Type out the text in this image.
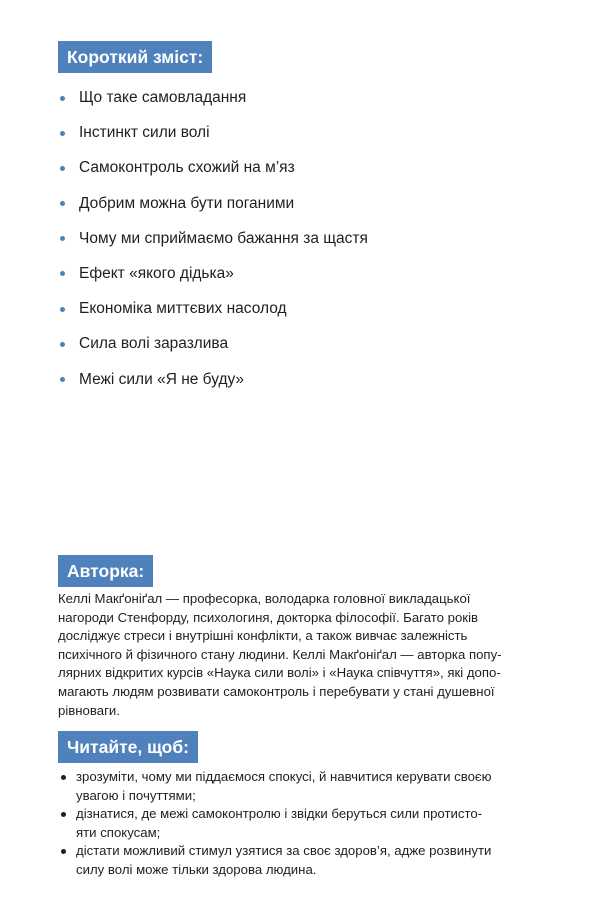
Короткий зміст:
Що таке самовладання
Інстинкт сили волі
Самоконтроль схожий на м’яз
Добрим можна бути поганими
Чому ми сприймаємо бажання за щастя
Ефект «якого дідька»
Економіка миттєвих насолод
Сила волі заразлива
Межі сили «Я не буду»
Авторка:

Келлі Макґоніґал — професорка, володарка головної викладацької
нагороди Стенфорду, психологиня, докторка філософії. Багато років
досліджує стреси і внутрішні конфлікти, а також вивчає залежність
психічного й фізичного стану людини. Келлі Макґоніґал — авторка попу-
лярних відкритих курсів «Наука сили волі» і «Наука співчуття», які допо-
магають людям розвивати самоконтроль і перебувати у стані душевної
рівноваги.

Читайте, щоб:
зрозуміти, чому ми піддаємося спокусі, й навчитися керувати своєю
увагою і почуттями;
дізнатися, де межі самоконтролю і звідки беруться сили протисто-
яти спокусам;
дістати можливий стимул узятися за своє здоров’я, адже розвинути
силу волі може тільки здорова людина.
